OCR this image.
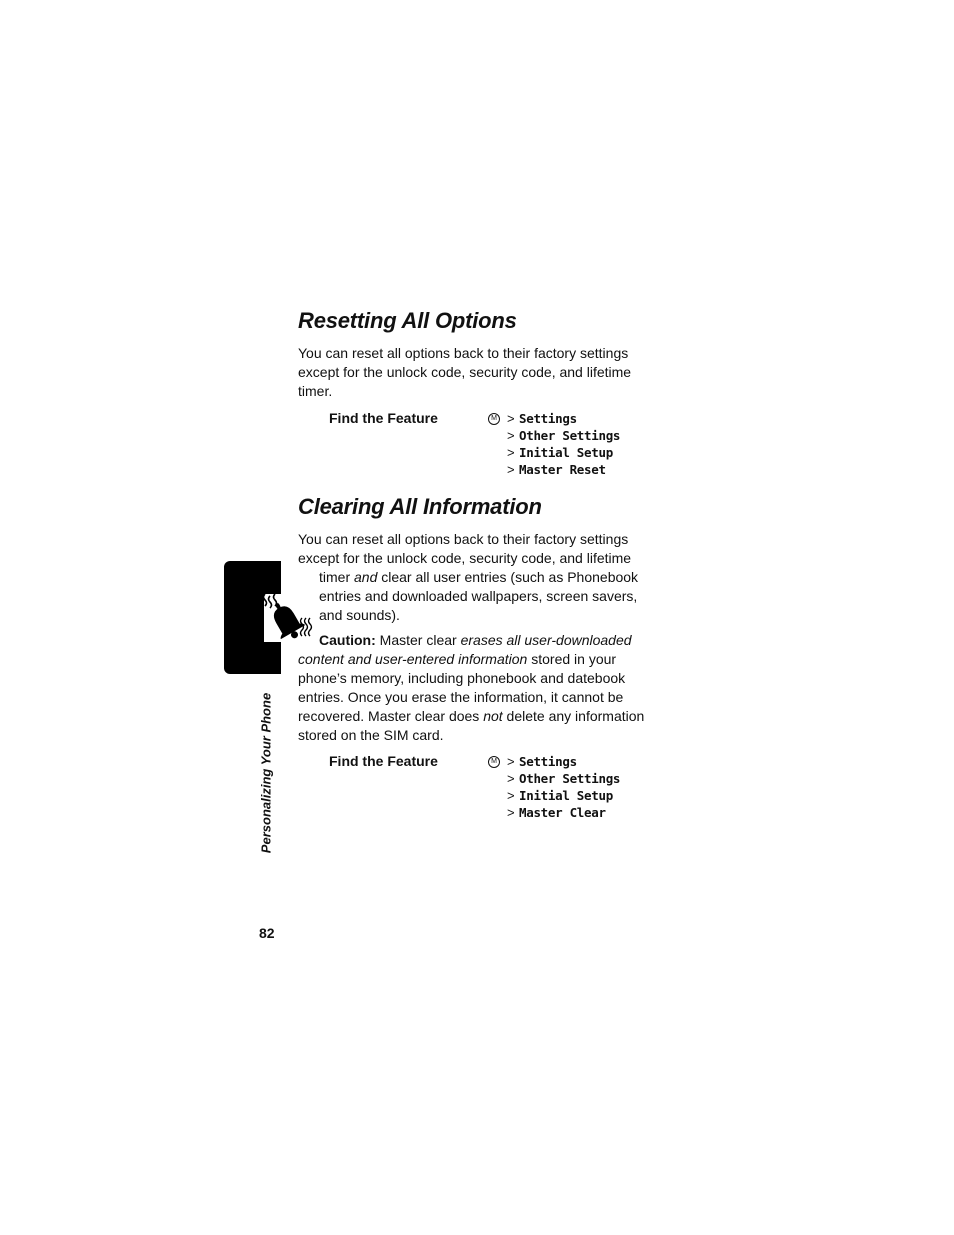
Resetting All Options

You can reset all options back to their factory settings

except for the unlock code, security code, and lifetime

timer.

Find the Feature	M > Settings
> Other Settings
> Initial Setup
> Master Reset
Clearing All Information

You can reset all options back to their factory settings

except for the unlock code, security code, and lifetime

timer and clear all user entries (such as Phonebook

entries and downloaded wallpapers, screen savers,

and sounds).

Caution: Master clear erases all user-downloaded

content and user-entered information stored in your

phone’s memory, including phonebook and datebook

entries. Once you erase the information, it cannot be

recovered. Master clear does not delete any information

stored on the SIM card.

Find the Feature	M > Settings
> Other Settings
> Initial Setup
> Master Clear
Personalizing Your Phone
82
